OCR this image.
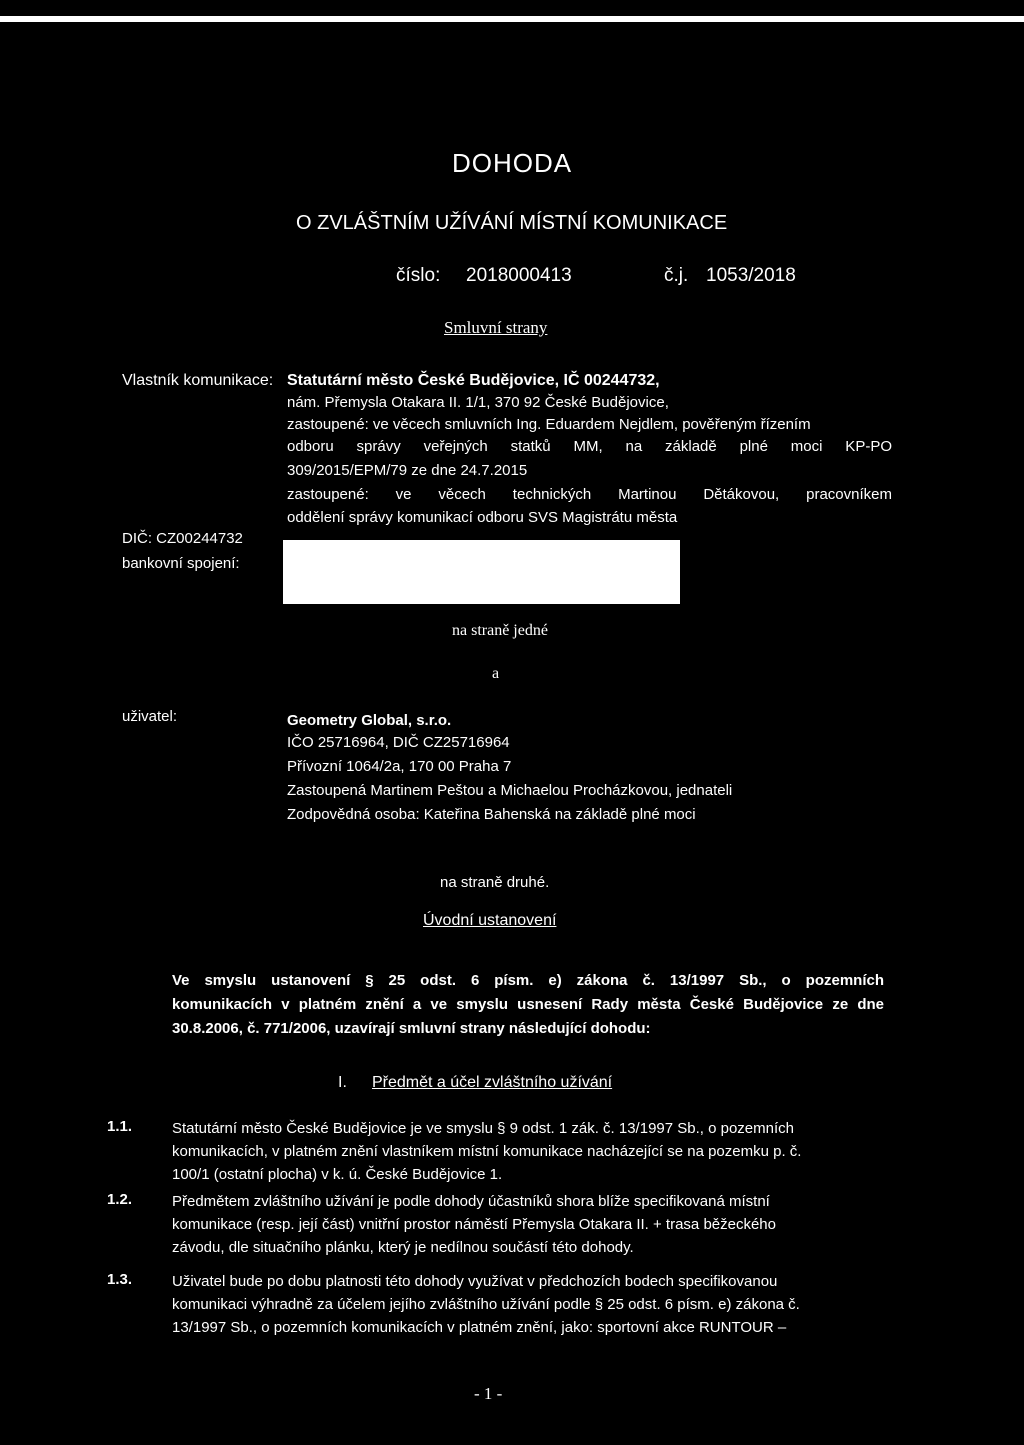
DOHODA
O ZVLÁŠTNÍM UŽÍVÁNÍ MÍSTNÍ KOMUNIKACE
číslo: 2018000413	č.j. 1053/2018
Smluvní strany
Vlastník komunikace: Statutární město České Budějovice, IČ 00244732,
nám. Přemysla Otakara II. 1/1, 370 92 České Budějovice,
zastoupené: ve věcech smluvních Ing. Eduardem Nejdlem, pověřeným řízením
odboru správy veřejných statků MM, na základě plné moci KP-PO
309/2015/EPM/79 ze dne 24.7.2015
zastoupené: ve věcech technických Martinou Dětákovou, pracovníkem
oddělení správy komunikací odboru SVS Magistrátu města
DIČ: CZ00244732
bankovní spojení:
na straně jedné
a
uživatel:	Geometry Global, s.r.o.
IČO 25716964, DIČ CZ25716964
Přívozní 1064/2a, 170 00 Praha 7
Zastoupená Martinem Peštou a Michaelou Procházkovou, jednateli
Zodpovědná osoba: Kateřina Bahenská na základě plné moci
na straně druhé.
Úvodní ustanovení
Ve smyslu ustanovení § 25 odst. 6 písm. e) zákona č. 13/1997 Sb., o pozemních
komunikacích v platném znění a ve smyslu usnesení Rady města České Budějovice ze dne
30.8.2006, č. 771/2006, uzavírají smluvní strany následující dohodu:
I. Předmět a účel zvláštního užívání
1.1.	Statutární město České Budějovice je ve smyslu § 9 odst. 1 zák. č. 13/1997 Sb., o pozemních
komunikacích, v platném znění vlastníkem místní komunikace nacházející se na pozemku p. č.
100/1 (ostatní plocha) v k. ú. České Budějovice 1.
1.2.	Předmětem zvláštního užívání je podle dohody účastníků shora blíže specifikovaná místní
komunikace (resp. její část) vnitřní prostor náměstí Přemysla Otakara II. + trasa běžeckého
závodu, dle situačního plánku, který je nedílnou součástí této dohody.
1.3.	Uživatel bude po dobu platnosti této dohody využívat v předchozích bodech specifikovanou
komunikaci výhradně za účelem jejího zvláštního užívání podle § 25 odst. 6 písm. e) zákona č.
13/1997 Sb., o pozemních komunikacích v platném znění, jako: sportovní akce RUNTOUR –
- 1 -
